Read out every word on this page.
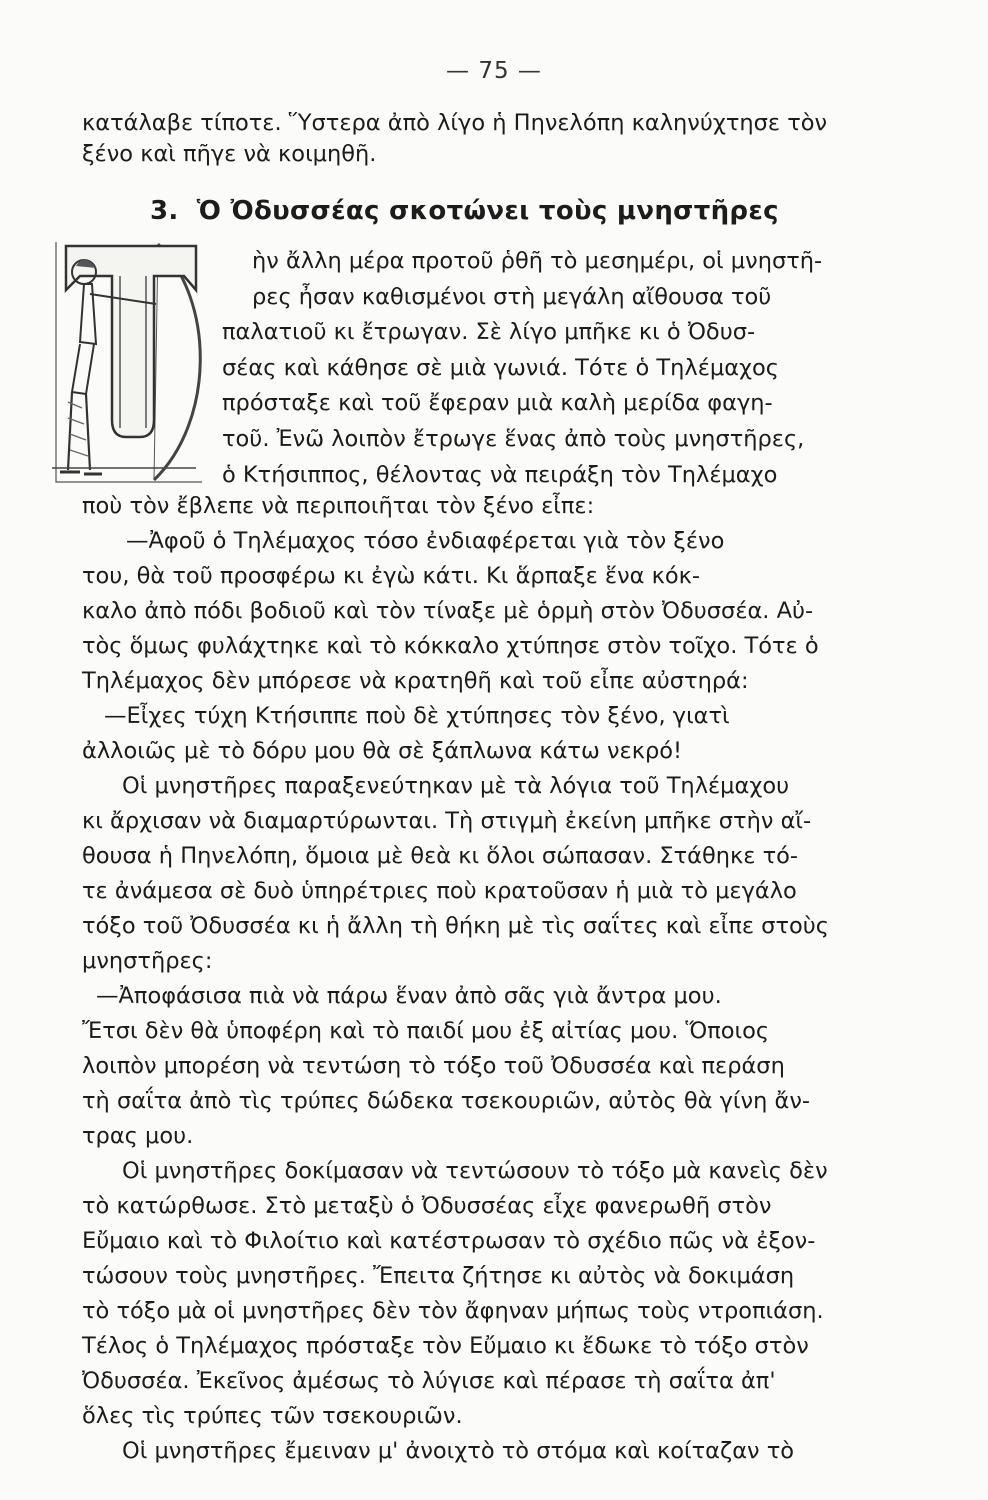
— 75 —
κατάλαβε τίποτε. Ὕστερα ἀπὸ λίγο ἡ Πηνελόπη καληνύχτησε τὸν
ξένο καὶ πῆγε νὰ κοιμηθῆ.
3. Ὁ Ὀδυσσέας σκοτώνει τοὺς μνηστῆρες
ὴν ἄλλη μέρα προτοῦ ῥθῆ τὸ μεσημέρι, οἱ μνηστῆ-
ρες ἦσαν καθισμένοι στὴ μεγάλη αἴθουσα τοῦ
παλατιοῦ κι ἔτρωγαν. Σὲ λίγο μπῆκε κι ὁ Ὀδυσ-
σέας καὶ κάθησε σὲ μιὰ γωνιά. Τότε ὁ Τηλέμαχος
πρόσταξε καὶ τοῦ ἔφεραν μιὰ καλὴ μερίδα φαγη-
τοῦ. Ἐνῶ λοιπὸν ἔτρωγε ἕνας ἀπὸ τοὺς μνηστῆρες,
ὁ Κτήσιππος, θέλοντας νὰ πειράξη τὸν Τηλέμαχο
ποὺ τὸν ἔβλεπε νὰ περιποιῆται τὸν ξένο εἶπε:
—Ἀφοῦ ὁ Τηλέμαχος τόσο ἐνδιαφέρεται γιὰ τὸν ξένο
του, θὰ τοῦ προσφέρω κι ἐγὼ κάτι. Κι ἅρπαξε ἕνα κόκ-
καλο ἀπὸ πόδι βοδιοῦ καὶ τὸν τίναξε μὲ ὁρμὴ στὸν Ὀδυσσέα. Αὐ-
τὸς ὅμως φυλάχτηκε καὶ τὸ κόκκαλο χτύπησε στὸν τοῖχο. Τότε ὁ
Τηλέμαχος δὲν μπόρεσε νὰ κρατηθῆ καὶ τοῦ εἶπε αὐστηρά:
—Εἶχες τύχη Κτήσιππε ποὺ δὲ χτύπησες τὸν ξένο, γιατὶ
ἀλλοιῶς μὲ τὸ δόρυ μου θὰ σὲ ξάπλωνα κάτω νεκρό!
Οἱ μνηστῆρες παραξενεύτηκαν μὲ τὰ λόγια τοῦ Τηλέμαχου
κι ἄρχισαν νὰ διαμαρτύρωνται. Τὴ στιγμὴ ἐκείνη μπῆκε στὴν αἴ-
θουσα ἡ Πηνελόπη, ὅμοια μὲ θεὰ κι ὅλοι σώπασαν. Στάθηκε τό-
τε ἀνάμεσα σὲ δυὸ ὑπηρέτριες ποὺ κρατοῦσαν ἡ μιὰ τὸ μεγάλο
τόξο τοῦ Ὀδυσσέα κι ἡ ἄλλη τὴ θήκη μὲ τὶς σαΐτες καὶ εἶπε στοὺς
μνηστῆρες:
—Ἀποφάσισα πιὰ νὰ πάρω ἕναν ἀπὸ σᾶς γιὰ ἄντρα μου.
Ἔτσι δὲν θὰ ὑποφέρη καὶ τὸ παιδί μου ἐξ αἰτίας μου. Ὅποιος
λοιπὸν μπορέση νὰ τεντώση τὸ τόξο τοῦ Ὀδυσσέα καὶ περάση
τὴ σαΐτα ἀπὸ τὶς τρύπες δώδεκα τσεκουριῶν, αὐτὸς θὰ γίνη ἄν-
τρας μου.
Οἱ μνηστῆρες δοκίμασαν νὰ τεντώσουν τὸ τόξο μὰ κανεὶς δὲν
τὸ κατώρθωσε. Στὸ μεταξὺ ὁ Ὀδυσσέας εἶχε φανερωθῆ στὸν
Εὔμαιο καὶ τὸ Φιλοίτιο καὶ κατέστρωσαν τὸ σχέδιο πῶς νὰ ἐξον-
τώσουν τοὺς μνηστῆρες. Ἔπειτα ζήτησε κι αὐτὸς νὰ δοκιμάση
τὸ τόξο μὰ οἱ μνηστῆρες δὲν τὸν ἄφηναν μήπως τοὺς ντροπιάση.
Τέλος ὁ Τηλέμαχος πρόσταξε τὸν Εὔμαιο κι ἔδωκε τὸ τόξο στὸν
Ὀδυσσέα. Ἐκεῖνος ἀμέσως τὸ λύγισε καὶ πέρασε τὴ σαΐτα ἀπ'
ὅλες τὶς τρύπες τῶν τσεκουριῶν.
Οἱ μνηστῆρες ἔμειναν μ' ἀνοιχτὸ τὸ στόμα καὶ κοίταζαν τὸ
